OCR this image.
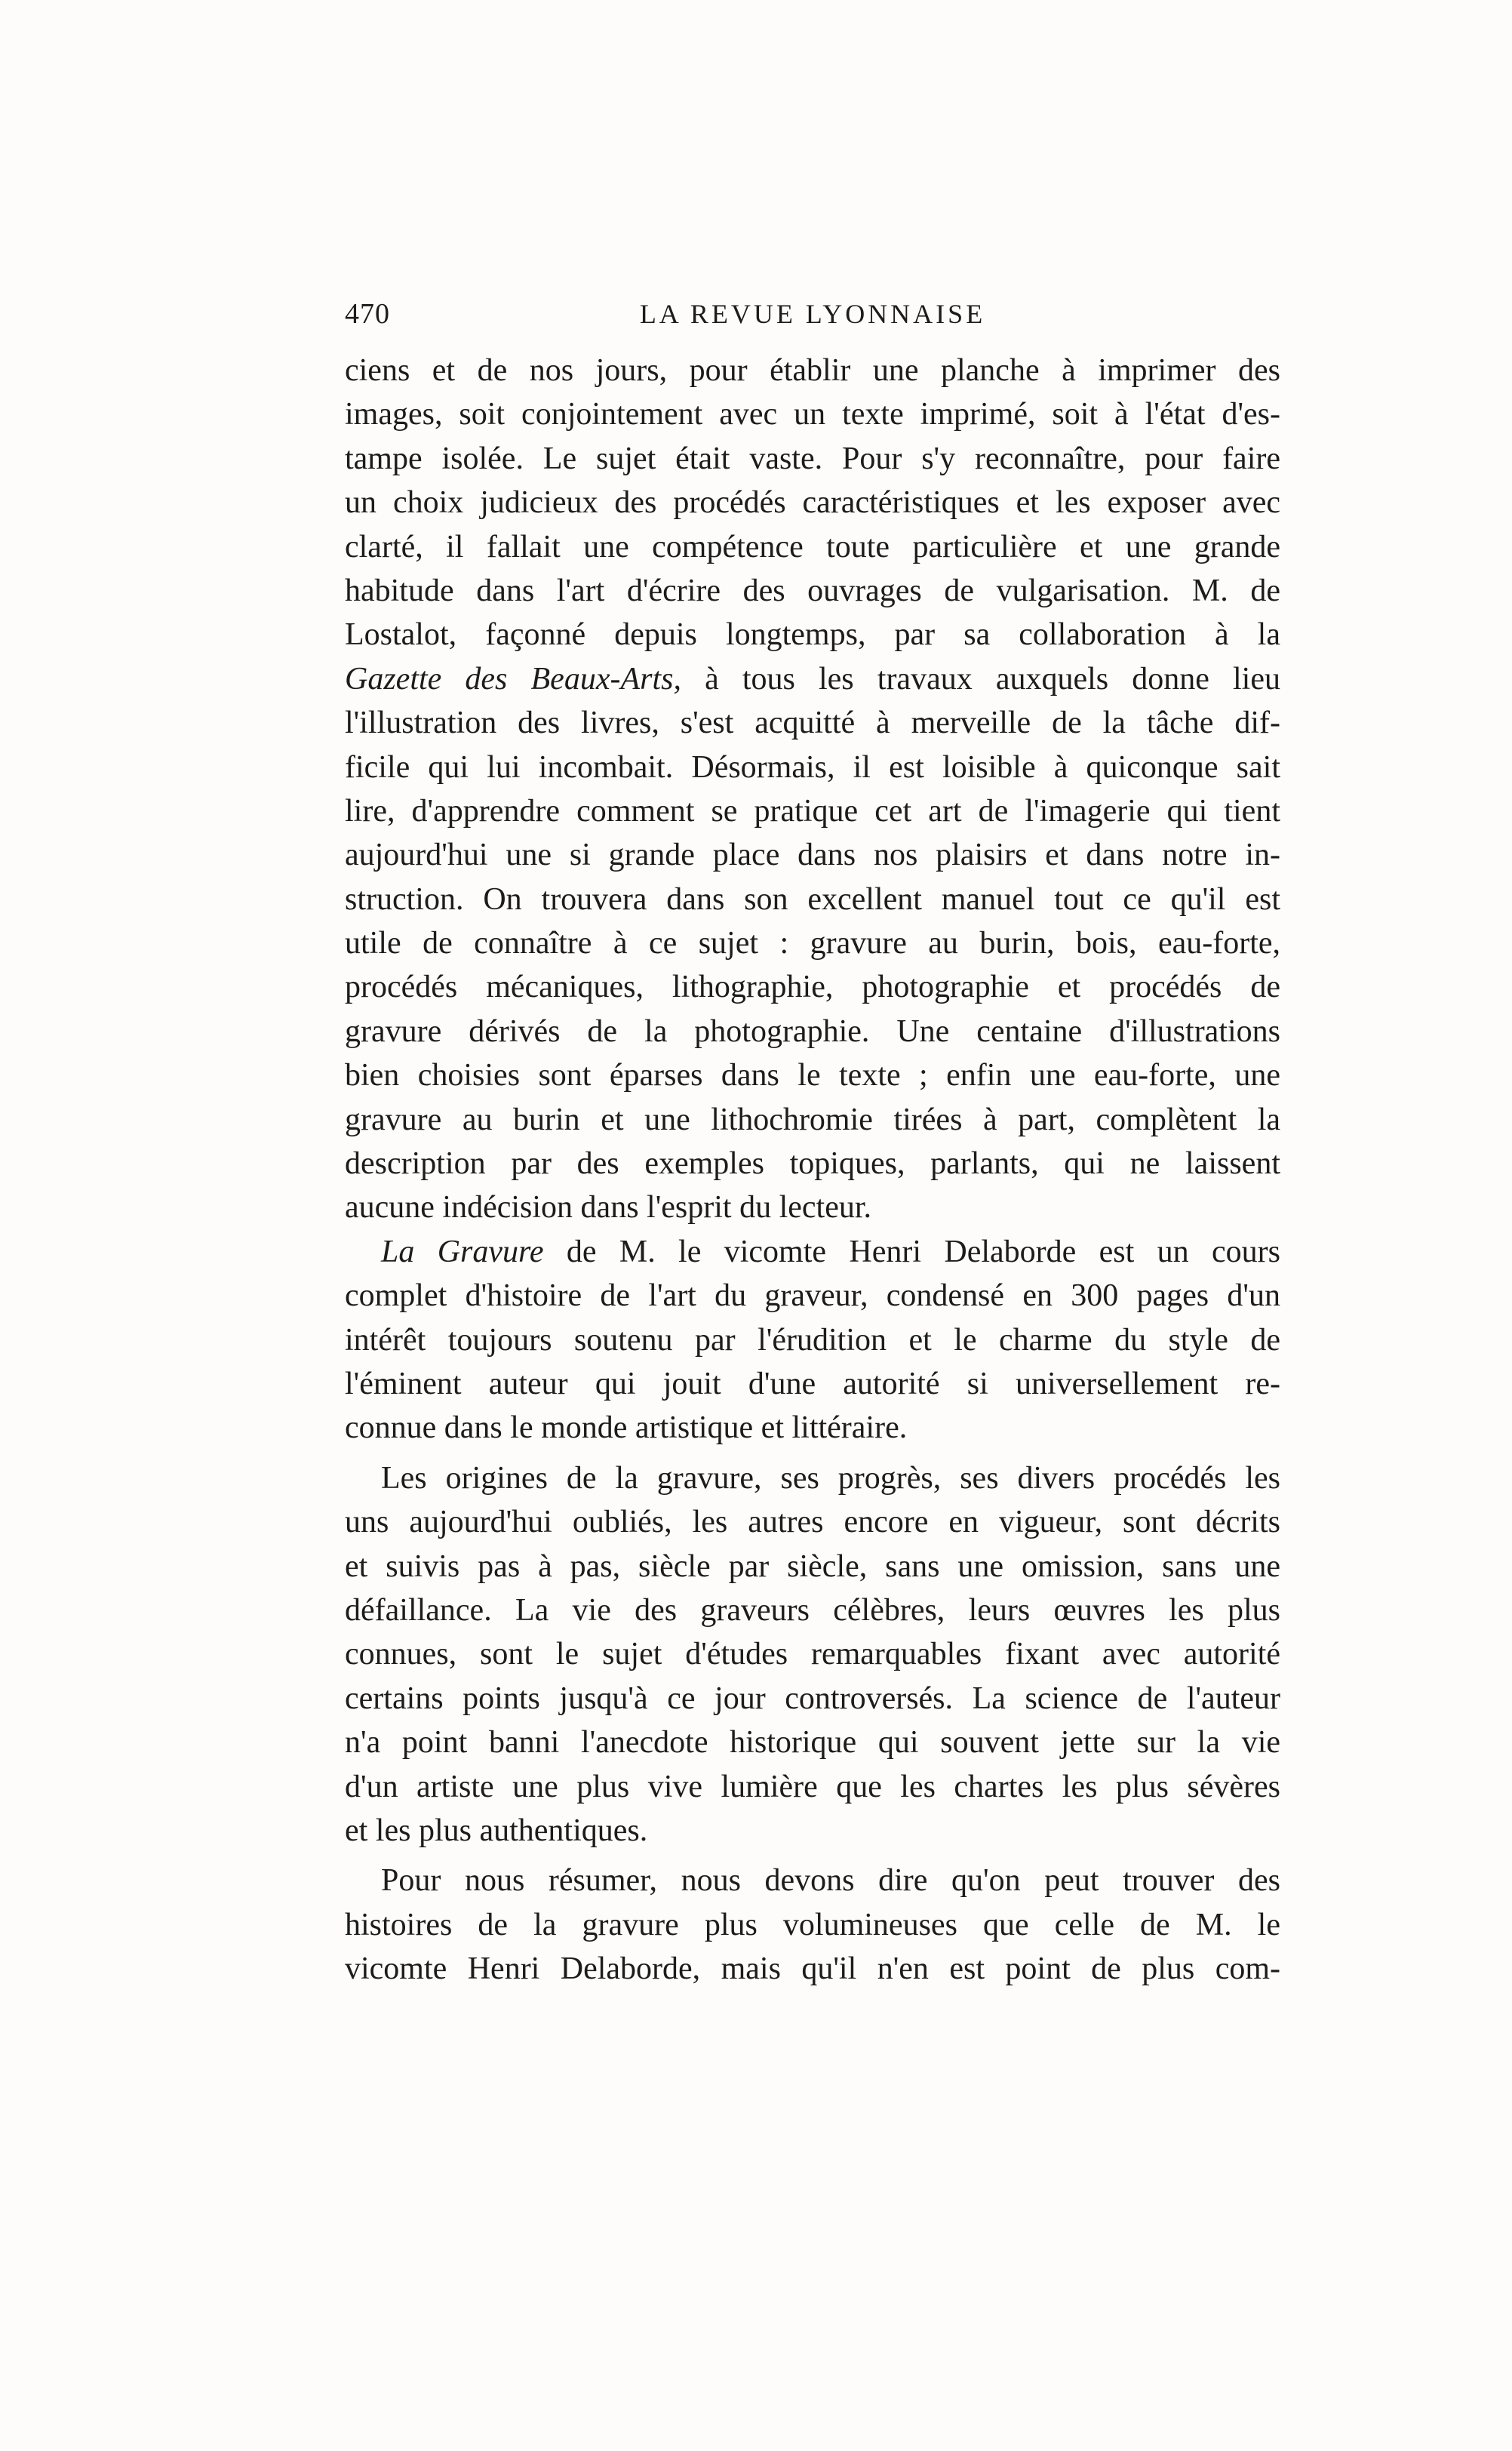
470	LA REVUE LYONNAISE
ciens et de nos jours, pour établir une planche à imprimer des
images, soit conjointement avec un texte imprimé, soit à l'état d'es-
tampe isolée. Le sujet était vaste. Pour s'y reconnaître, pour faire
un choix judicieux des procédés caractéristiques et les exposer avec
clarté, il fallait une compétence toute particulière et une grande
habitude dans l'art d'écrire des ouvrages de vulgarisation. M. de
Lostalot, façonné depuis longtemps, par sa collaboration à la
Gazette des Beaux-Arts, à tous les travaux auxquels donne lieu
l'illustration des livres, s'est acquitté à merveille de la tâche dif-
ficile qui lui incombait. Désormais, il est loisible à quiconque sait
lire, d'apprendre comment se pratique cet art de l'imagerie qui tient
aujourd'hui une si grande place dans nos plaisirs et dans notre in-
struction. On trouvera dans son excellent manuel tout ce qu'il est
utile de connaître à ce sujet : gravure au burin, bois, eau-forte,
procédés mécaniques, lithographie, photographie et procédés de
gravure dérivés de la photographie. Une centaine d'illustrations
bien choisies sont éparses dans le texte ; enfin une eau-forte, une
gravure au burin et une lithochromie tirées à part, complètent la
description par des exemples topiques, parlants, qui ne laissent
aucune indécision dans l'esprit du lecteur.
La Gravure de M. le vicomte Henri Delaborde est un cours
complet d'histoire de l'art du graveur, condensé en 300 pages d'un
intérêt toujours soutenu par l'érudition et le charme du style de
l'éminent auteur qui jouit d'une autorité si universellement re-
connue dans le monde artistique et littéraire.
Les origines de la gravure, ses progrès, ses divers procédés les
uns aujourd'hui oubliés, les autres encore en vigueur, sont décrits
et suivis pas à pas, siècle par siècle, sans une omission, sans une
défaillance. La vie des graveurs célèbres, leurs œuvres les plus
connues, sont le sujet d'études remarquables fixant avec autorité
certains points jusqu'à ce jour controversés. La science de l'auteur
n'a point banni l'anecdote historique qui souvent jette sur la vie
d'un artiste une plus vive lumière que les chartes les plus sévères
et les plus authentiques.
Pour nous résumer, nous devons dire qu'on peut trouver des
histoires de la gravure plus volumineuses que celle de M. le
vicomte Henri Delaborde, mais qu'il n'en est point de plus com-
